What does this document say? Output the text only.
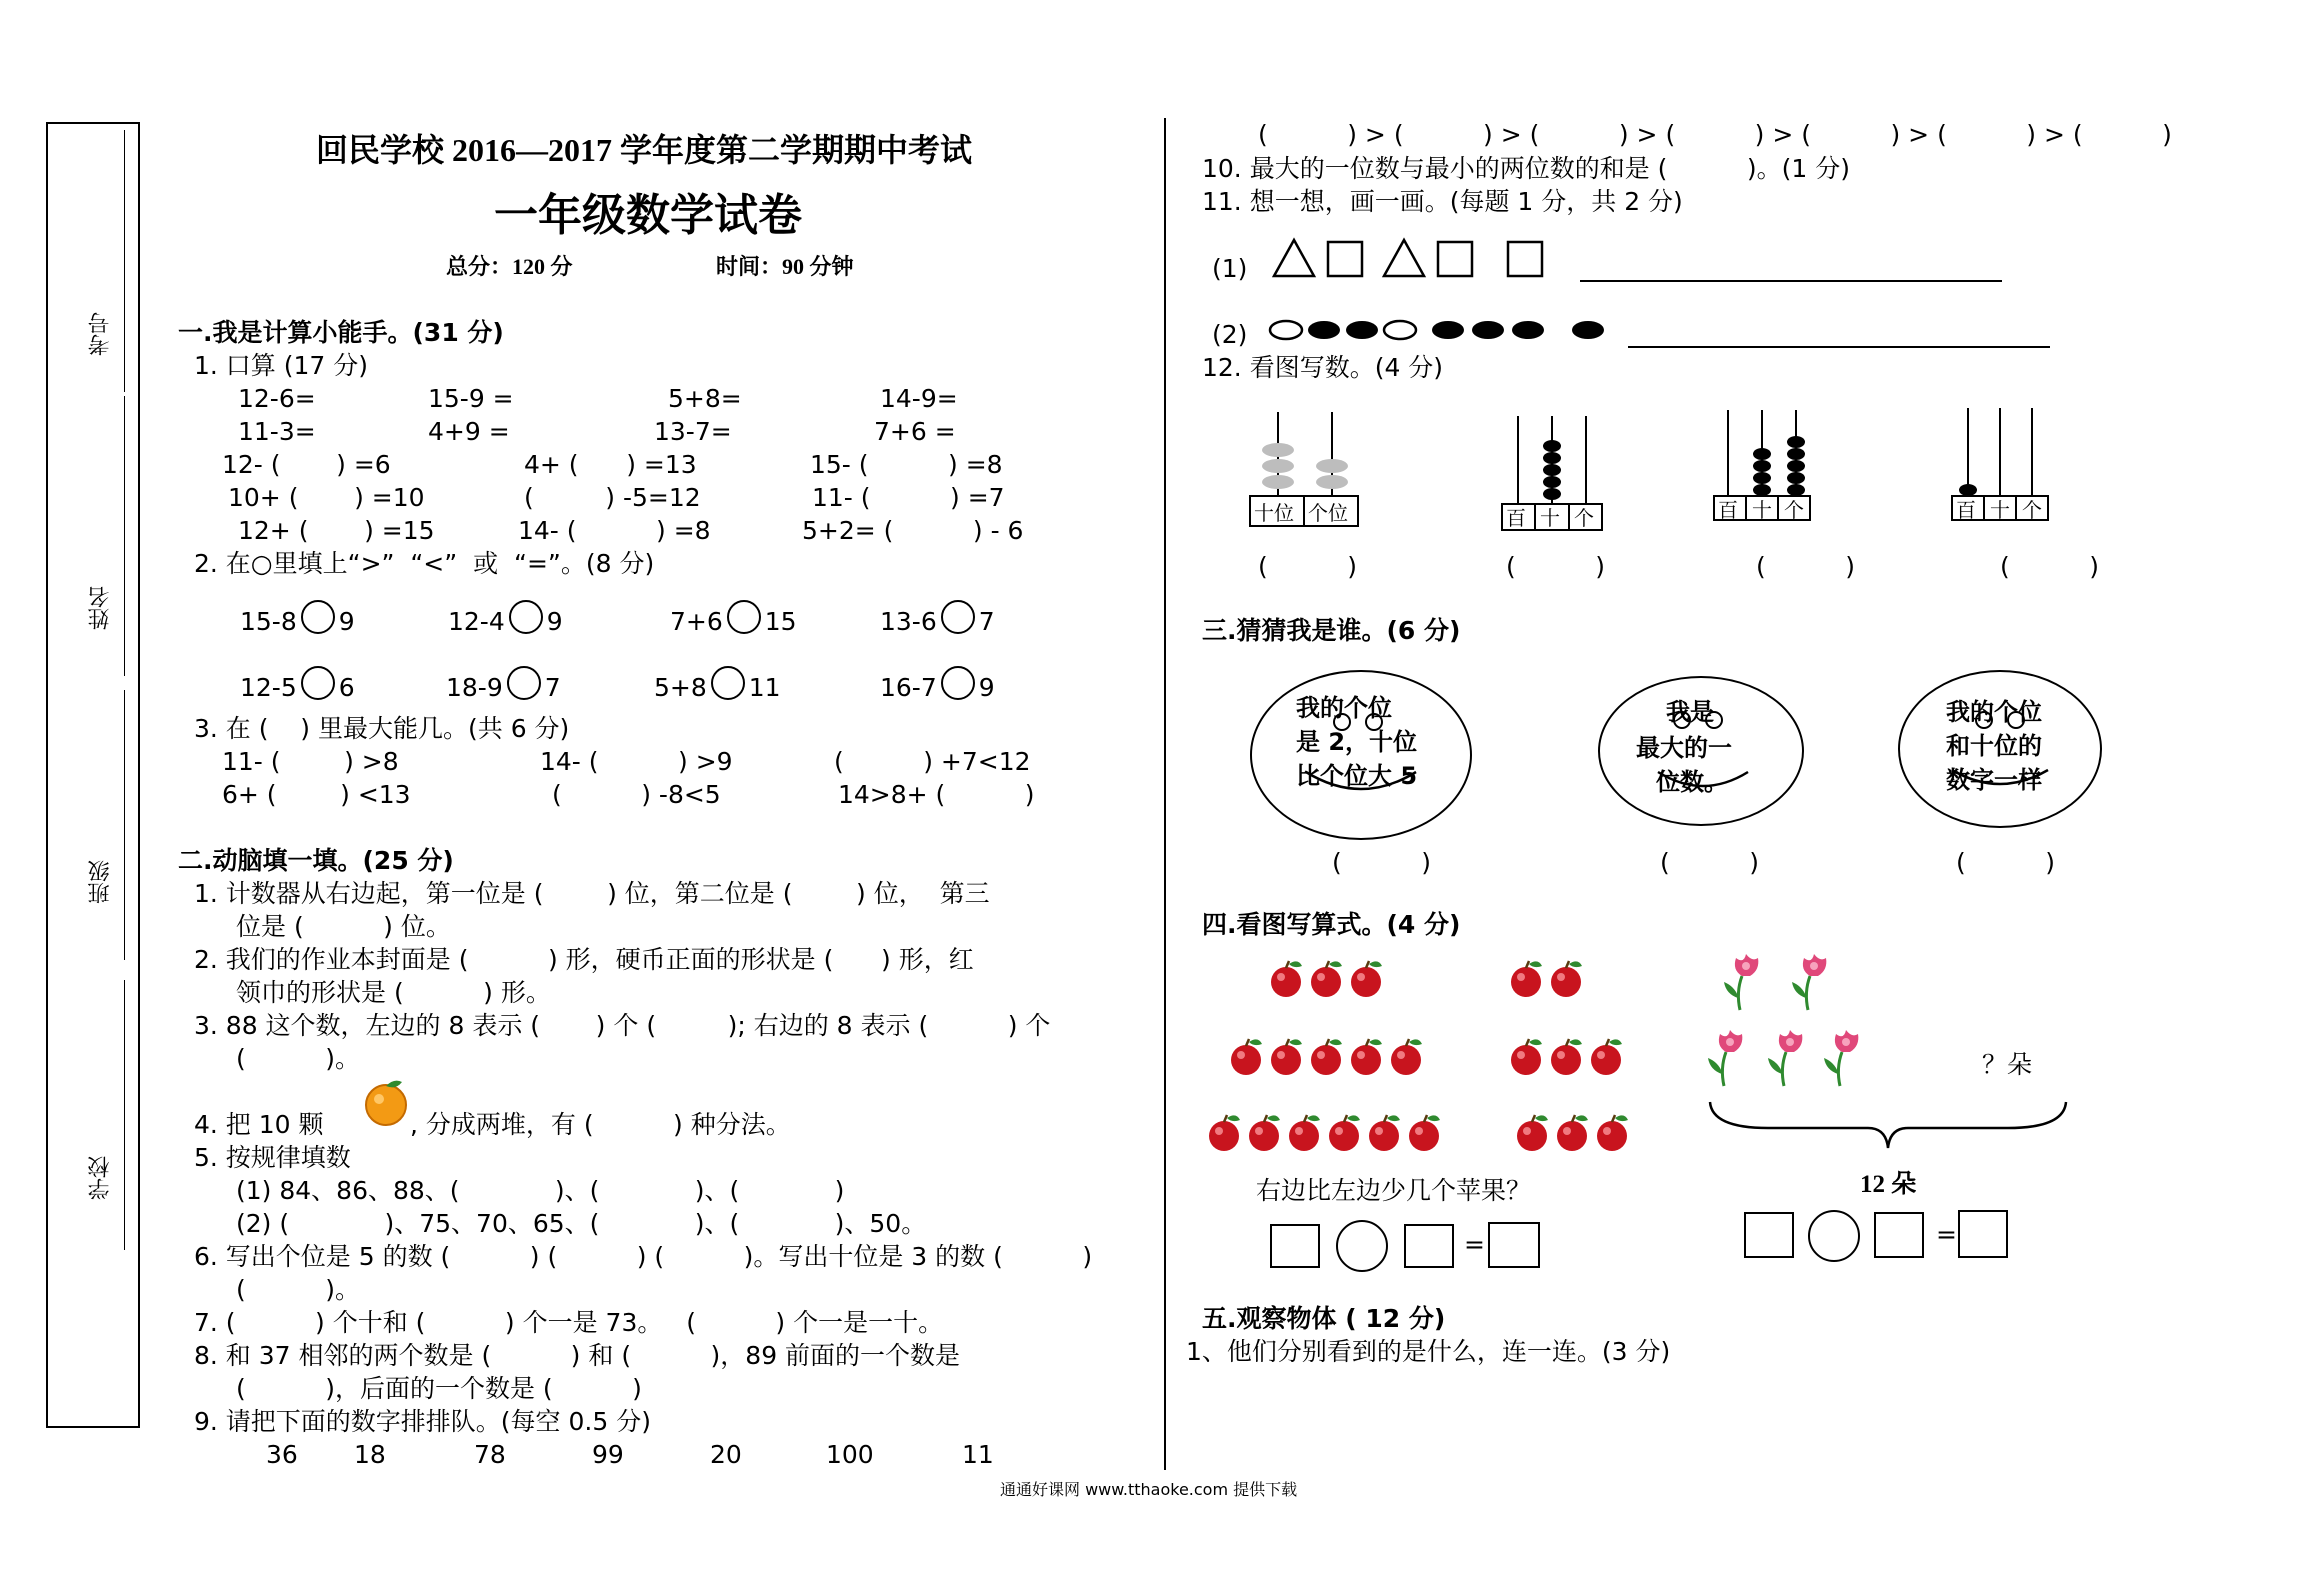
考号
姓名
班级
学校
回民学校 2016—2017 学年度第二学期期中考试
一年级数学试卷
总分：120 分	时间：90 分钟
一.我是计算小能手。(31 分)
1. 口算 (17 分)
12-6=	15-9 =	5+8=	14-9=
11-3=	4+9 =	13-7=	7+6 =
12- (       ) =6	4+ (      ) =13	15- (          ) =8
10+ (       ) =10	(         ) -5=12	11- (          ) =7
12+ (       ) =15	14- (          ) =8	5+2= (          ) - 6
2. 在○里填上“>”  “<”  或  “=”。(8 分)
15-8 9	12-4 9	7+6 15	13-6 7
12-5 6	18-9 7	5+8 11	16-7 9
3. 在 (    ) 里最大能几。(共 6 分)
11- (        ) >8	14- (          ) >9	(          ) +7<12
6+ (        ) <13	(          ) -8<5	14>8+ (          )
二.动脑填一填。(25 分)
1. 计数器从右边起，第一位是 (        ) 位，第二位是 (        ) 位，  第三
位是 (          ) 位。
2. 我们的作业本封面是 (          ) 形，硬币正面的形状是 (      ) 形，红
领巾的形状是 (          ) 形。
3. 88 这个数，左边的 8 表示 (       ) 个 (         ); 右边的 8 表示 (          ) 个
(          )。
4. 把 10 颗	, 分成两堆，有 (          ) 种分法。
5. 按规律填数
(1) 84、86、88、(            )、(            )、(            )
(2) (            )、75、70、65、(            )、(            )、50。
6. 写出个位是 5 的数 (          ) (          ) (          )。写出十位是 3 的数 (          )
(          )。
7. (          ) 个十和 (          ) 个一是 73。   (          ) 个一是一十。
8. 和 37 相邻的两个数是 (          ) 和 (          )，89 前面的一个数是
(          )，后面的一个数是 (          )
9. 请把下面的数字排排队。(每空 0.5 分)
36 18	78	99	20	100	11
(          ) > (          ) > (          ) > (          ) > (          ) > (          ) > (          )
10. 最大的一位数与最小的两位数的和是 (          )。(1 分)
11. 想一想，画一画。(每题 1 分，共 2 分)
(1)
(2)
12. 看图写数。(4 分)
十位 个位
(          )
百 十 个
(          )
百 十 个
(          )
百 十 个
(          )
三.猜猜我是谁。(6 分)
我的个位
是 2，十位
比个位大 5
(          )
我是
最大的一
位数。
(          )
我的个位
和十位的
数字一样
(          )
四.看图写算式。(4 分)
右边比左边少几个苹果？
=
？朵
12 朵
=
五.观察物体 ( 12 分)
1、他们分别看到的是什么，连一连。(3 分)
通通好课网 www.tthaoke.com 提供下载
